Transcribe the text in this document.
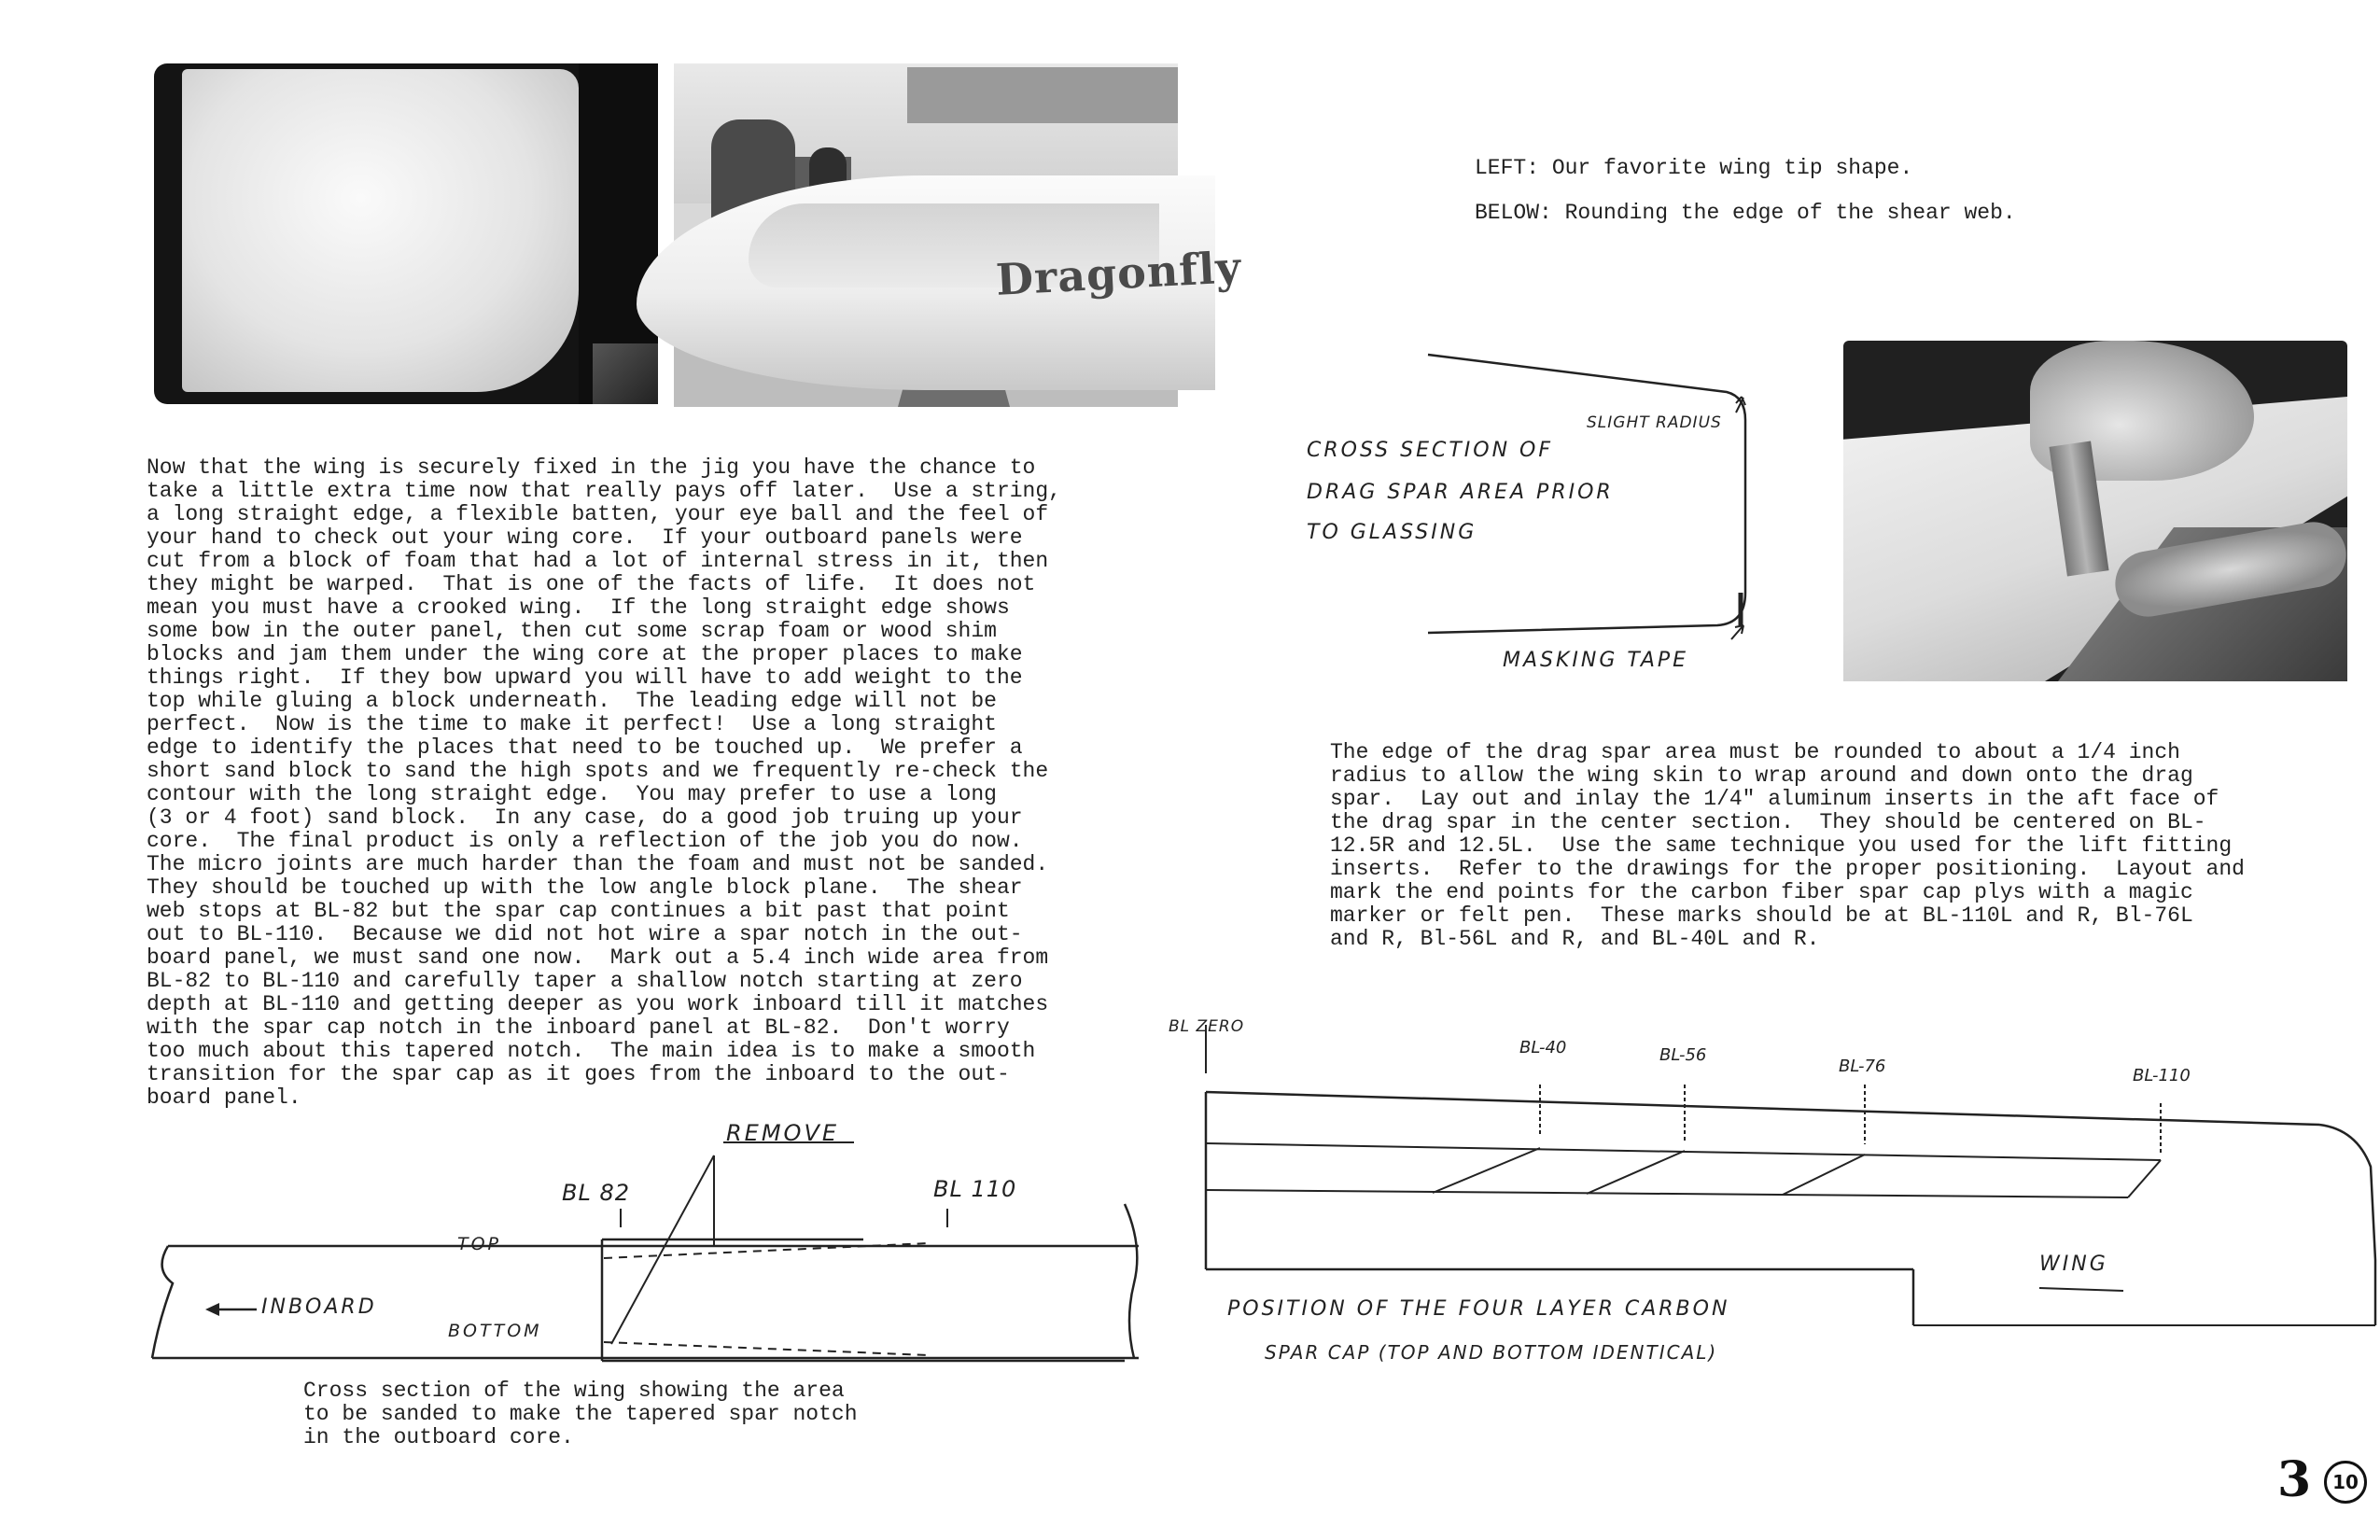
Dragonfly
LEFT: Our favorite wing tip shape.
BELOW: Rounding the edge of the shear web.
CROSS SECTION OF
DRAG SPAR AREA PRIOR
TO GLASSING
SLIGHT RADIUS
MASKING TAPE
Now that the wing is securely fixed in the jig you have the chance to
take a little extra time now that really pays off later.  Use a string,
a long straight edge, a flexible batten, your eye ball and the feel of
your hand to check out your wing core.  If your outboard panels were
cut from a block of foam that had a lot of internal stress in it, then
they might be warped.  That is one of the facts of life.  It does not
mean you must have a crooked wing.  If the long straight edge shows
some bow in the outer panel, then cut some scrap foam or wood shim
blocks and jam them under the wing core at the proper places to make
things right.  If they bow upward you will have to add weight to the
top while gluing a block underneath.  The leading edge will not be
perfect.  Now is the time to make it perfect!  Use a long straight
edge to identify the places that need to be touched up.  We prefer a
short sand block to sand the high spots and we frequently re-check the
contour with the long straight edge.  You may prefer to use a long
(3 or 4 foot) sand block.  In any case, do a good job truing up your
core.  The final product is only a reflection of the job you do now.
The micro joints are much harder than the foam and must not be sanded.
They should be touched up with the low angle block plane.  The shear
web stops at BL-82 but the spar cap continues a bit past that point
out to BL-110.  Because we did not hot wire a spar notch in the out-
board panel, we must sand one now.  Mark out a 5.4 inch wide area from
BL-82 to BL-110 and carefully taper a shallow notch starting at zero
depth at BL-110 and getting deeper as you work inboard till it matches
with the spar cap notch in the inboard panel at BL-82.  Don't worry
too much about this tapered notch.  The main idea is to make a smooth
transition for the spar cap as it goes from the inboard to the out-
board panel.
The edge of the drag spar area must be rounded to about a 1/4 inch
radius to allow the wing skin to wrap around and down onto the drag
spar.  Lay out and inlay the 1/4" aluminum inserts in the aft face of
the drag spar in the center section.  They should be centered on BL-
12.5R and 12.5L.  Use the same technique you used for the lift fitting
inserts.  Refer to the drawings for the proper positioning.  Layout and
mark the end points for the carbon fiber spar cap plys with a magic
marker or felt pen.  These marks should be at BL-110L and R, Bl-76L
and R, Bl-56L and R, and BL-40L and R.
REMOVE
BL 82	BL 110
TOP
BOTTOM
INBOARD
Cross section of the wing showing the area
to be sanded to make the tapered spar notch
in the outboard core.
BL ZERO
BL-40	BL-56
BL-76	BL-110
WING
POSITION OF THE FOUR LAYER CARBON
SPAR CAP (TOP AND BOTTOM IDENTICAL)
3	10
